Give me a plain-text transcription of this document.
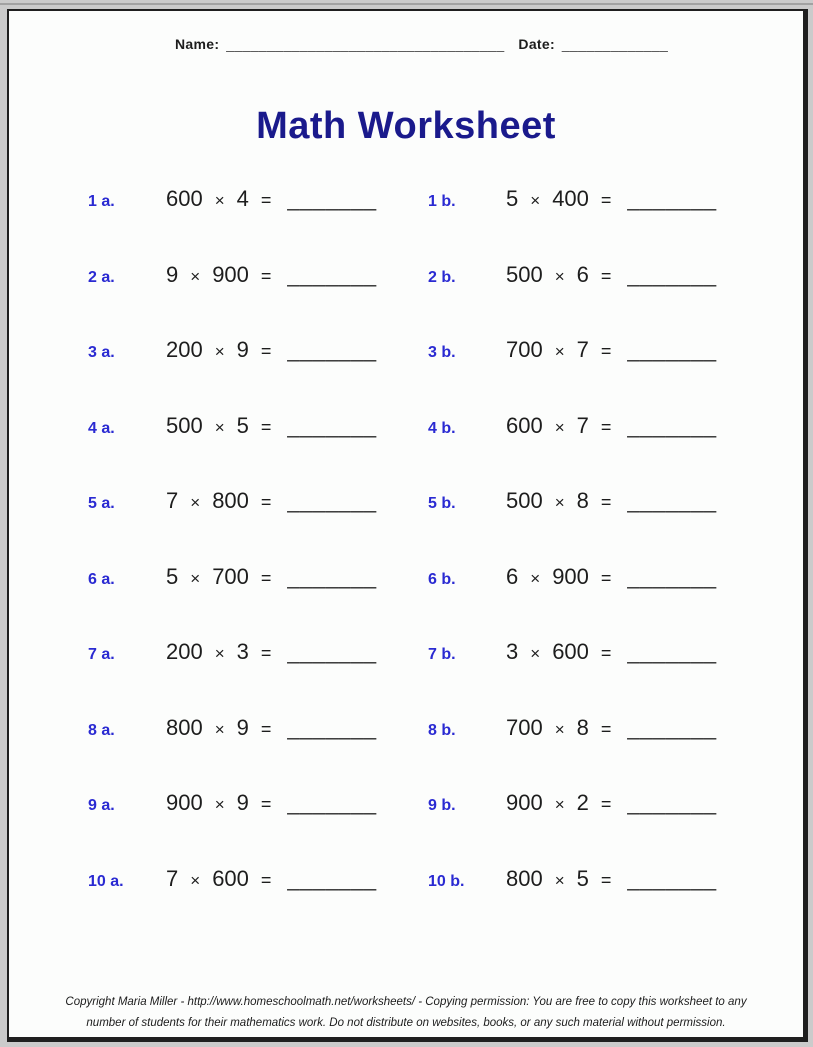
Name: __________________________________ Date: _____________
Math Worksheet
1 a. 600 × 4 = _______	1 b. 5 × 400 = _______
2 a. 9 × 900 = _______	2 b. 500 × 6 = _______
3 a. 200 × 9 = _______	3 b. 700 × 7 = _______
4 a. 500 × 5 = _______	4 b. 600 × 7 = _______
5 a. 7 × 800 = _______	5 b. 500 × 8 = _______
6 a. 5 × 700 = _______	6 b. 6 × 900 = _______
7 a. 200 × 3 = _______	7 b. 3 × 600 = _______
8 a. 800 × 9 = _______	8 b. 700 × 8 = _______
9 a. 900 × 9 = _______	9 b. 900 × 2 = _______
10 a. 7 × 600 = _______	10 b. 800 × 5 = _______
Copyright Maria Miller - http://www.homeschoolmath.net/worksheets/ - Copying permission: You are free to copy this worksheet to any
number of students for their mathematics work. Do not distribute on websites, books, or any such material without permission.
